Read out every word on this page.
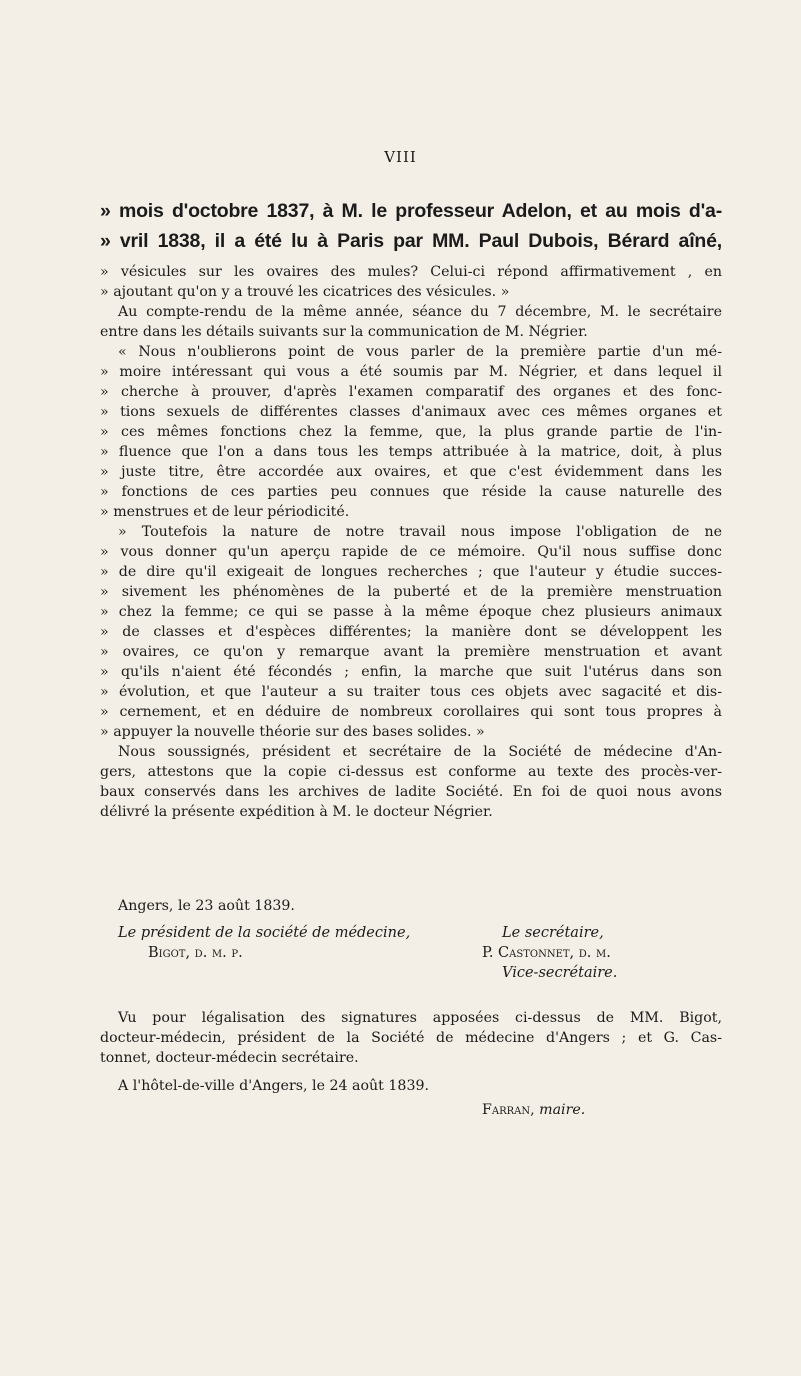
VIII
» mois d'octobre 1837, à M. le professeur Adelon, et au mois d'a-
» vril 1838, il a été lu à Paris par MM. Paul Dubois, Bérard aîné,
» vésicules sur les ovaires des mules? Celui-ci répond affirmativement , en
» ajoutant qu'on y a trouvé les cicatrices des vésicules. »
Au compte-rendu de la même année, séance du 7 décembre, M. le secrétaire
entre dans les détails suivants sur la communication de M. Négrier.
« Nous n'oublierons point de vous parler de la première partie d'un mé-
» moire intéressant qui vous a été soumis par M. Négrier, et dans lequel il
» cherche à prouver, d'après l'examen comparatif des organes et des fonc-
» tions sexuels de différentes classes d'animaux avec ces mêmes organes et
» ces mêmes fonctions chez la femme, que, la plus grande partie de l'in-
» fluence que l'on a dans tous les temps attribuée à la matrice, doit, à plus
» juste titre, être accordée aux ovaires, et que c'est évidemment dans les
» fonctions de ces parties peu connues que réside la cause naturelle des
» menstrues et de leur périodicité.
» Toutefois la nature de notre travail nous impose l'obligation de ne
» vous donner qu'un aperçu rapide de ce mémoire. Qu'il nous suffise donc
» de dire qu'il exigeait de longues recherches ; que l'auteur y étudie succes-
» sivement les phénomènes de la puberté et de la première menstruation
» chez la femme; ce qui se passe à la même époque chez plusieurs animaux
» de classes et d'espèces différentes; la manière dont se développent les
» ovaires, ce qu'on y remarque avant la première menstruation et avant
» qu'ils n'aient été fécondés ; enfin, la marche que suit l'utérus dans son
» évolution, et que l'auteur a su traiter tous ces objets avec sagacité et dis-
» cernement, et en déduire de nombreux corollaires qui sont tous propres à
» appuyer la nouvelle théorie sur des bases solides. »
Nous soussignés, président et secrétaire de la Société de médecine d'An-
gers, attestons que la copie ci-dessus est conforme au texte des procès-ver-
baux conservés dans les archives de ladite Société. En foi de quoi nous avons
délivré la présente expédition à M. le docteur Négrier.
Angers, le 23 août 1839.
Le président de la société de médecine,
Bigot, d. m. p.
Le secrétaire,
P. Castonnet, d. m.
Vice-secrétaire.
Vu pour légalisation des signatures apposées ci-dessus de MM. Bigot,
docteur-médecin, président de la Société de médecine d'Angers ; et G. Cas-
tonnet, docteur-médecin secrétaire.
A l'hôtel-de-ville d'Angers, le 24 août 1839.
Farran, maire.
